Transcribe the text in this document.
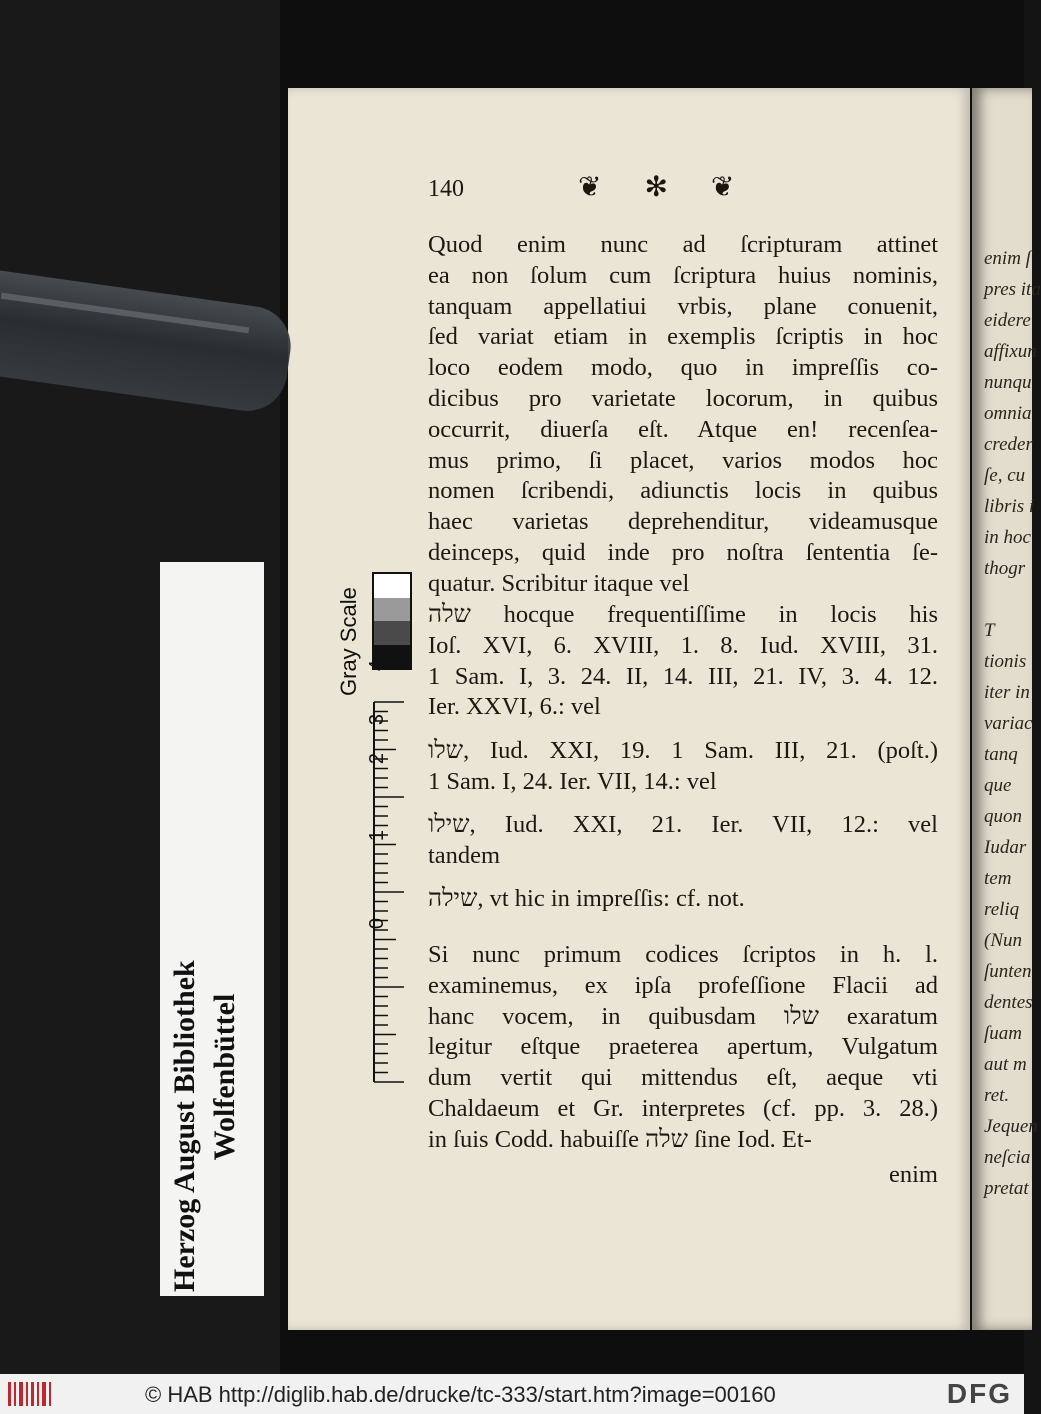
140	❦ ✻ ❦
Quod enim nunc ad ſcripturam attinet
ea non ſolum cum ſcriptura huius nominis,
tanquam appellatiui vrbis, plane conuenit,
ſed variat etiam in exemplis ſcriptis in hoc
loco eodem modo, quo in impreſſis co-
dicibus pro varietate locorum, in quibus
occurrit, diuerſa eſt. Atque en! recenſea-
mus primo, ſi placet, varios modos hoc
nomen ſcribendi, adiunctis locis in quibus
haec varietas deprehenditur, videamusque
deinceps, quid inde pro noſtra ſententia ſe-
quatur. Scribitur itaque vel
שלה hocque frequentiſſime in locis his
Ioſ. XVI, 6. XVIII, 1. 8. Iud. XVIII, 31.
1 Sam. I, 3. 24. II, 14. III, 21. IV, 3. 4. 12.
Ier. XXVI, 6.: vel
שלו, Iud. XXI, 19. 1 Sam. III, 21. (poſt.)
1 Sam. I, 24. Ier. VII, 14.: vel
שילו, Iud. XXI, 21. Ier. VII, 12.: vel
tandem
שילה, vt hic in impreſſis: cf. not.
Si nunc primum codices ſcriptos in h. l.
examinemus, ex ipſa profeſſione Flacii ad
hanc vocem, in quibusdam שלו exaratum
legitur eſtque praeterea apertum, Vulgatum
dum vertit qui mittendus eſt, aeque vti
Chaldaeum et Gr. interpretes (cf. pp. 3. 28.)
in ſuis Codd. habuiſſe שלה ſine Iod. Et-
enim
enim ſ
pres ita
eidere
affixun
nunqu
omnia
creder
ſe, cu
libris i
in hoc
thogr
T
tionis
iter in
variac
tanq
que
quon
Iudar
tem
reliq
(Nun
ſunten
dentes
ſuam
aut m
ret.
Jequen
neſcia
pretat
Herzog August Bibliothek Wolfenbüttel
Gray Scale
0
1
2
3
4
© HAB http://diglib.hab.de/drucke/tc-333/start.htm?image=00160	DFG
